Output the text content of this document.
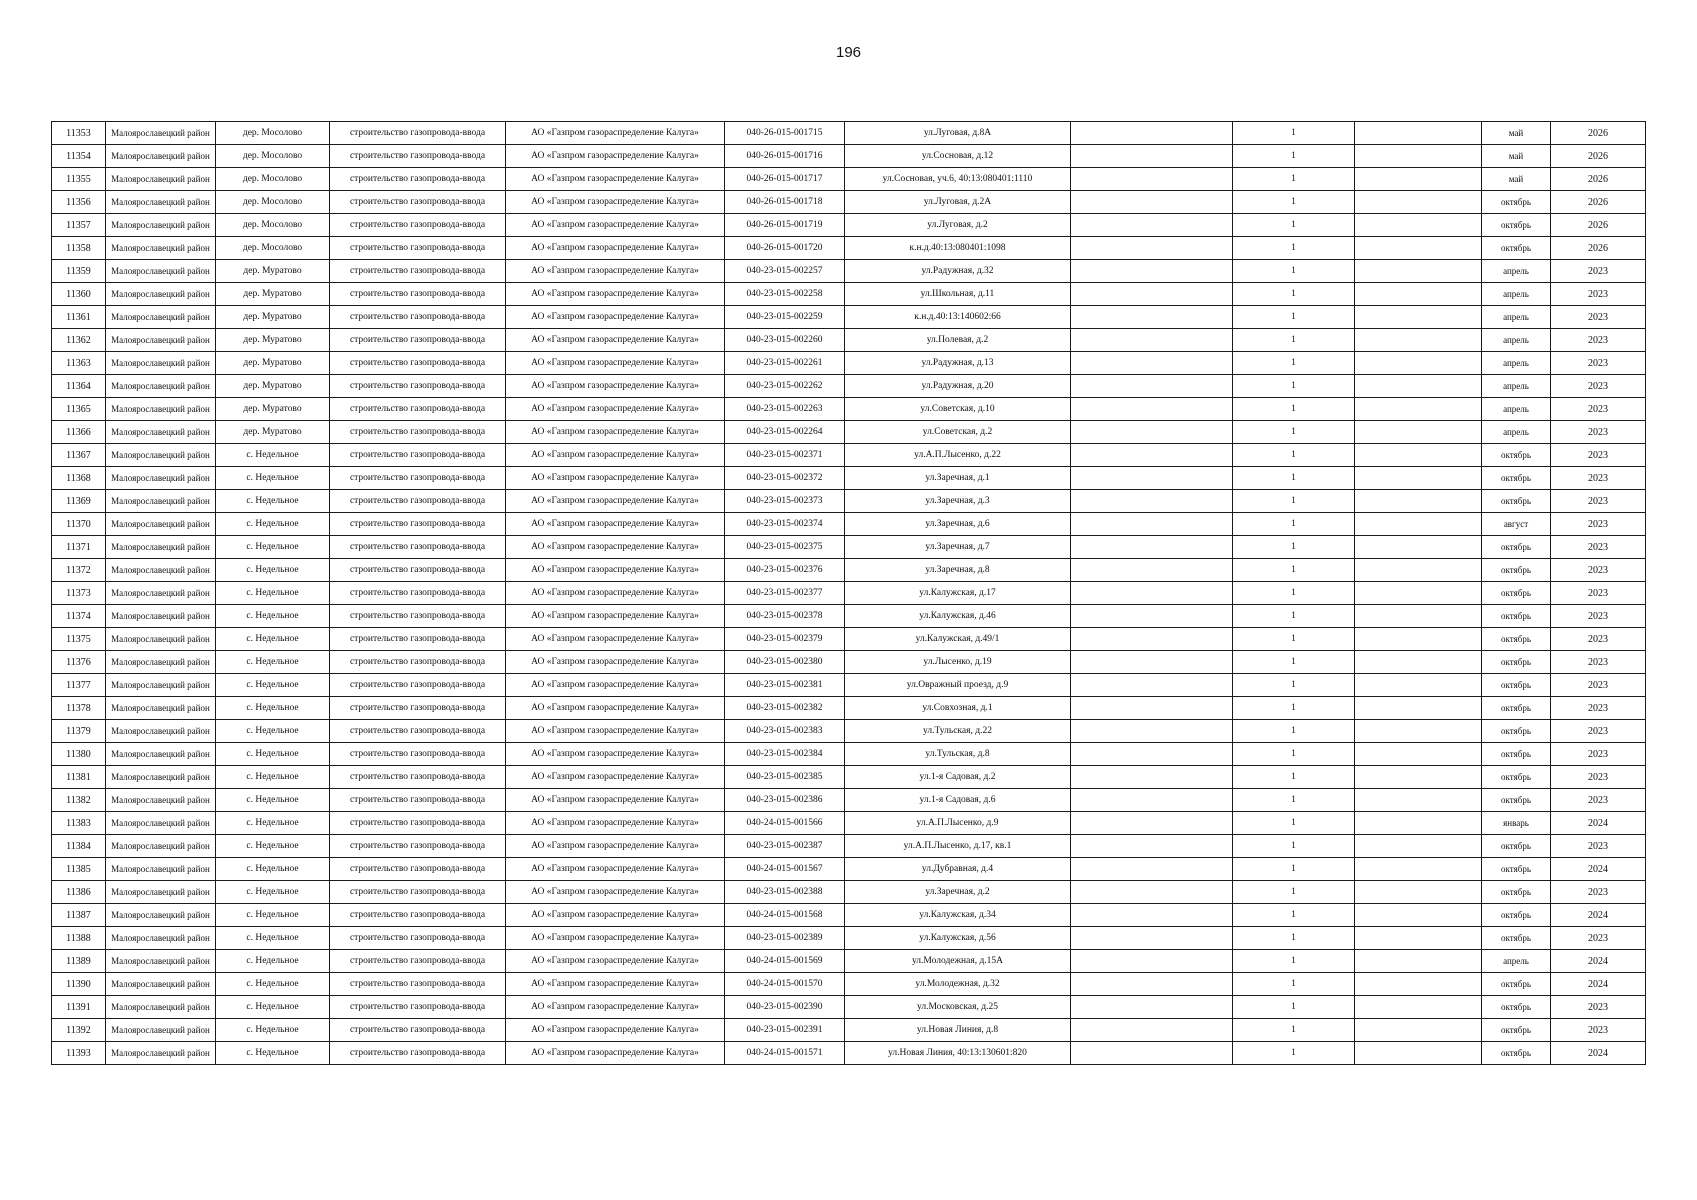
196
11353	Малоярославецкий район	дер. Мосолово	строительство газопровода-ввода	АО «Газпром газораспределение Калуга»	040-26-015-001715	ул.Луговая, д.8А		1		май	2026
11354	Малоярославецкий район	дер. Мосолово	строительство газопровода-ввода	АО «Газпром газораспределение Калуга»	040-26-015-001716	ул.Сосновая, д.12		1		май	2026
11355	Малоярославецкий район	дер. Мосолово	строительство газопровода-ввода	АО «Газпром газораспределение Калуга»	040-26-015-001717	ул.Сосновая, уч.6, 40:13:080401:1110		1		май	2026
11356	Малоярославецкий район	дер. Мосолово	строительство газопровода-ввода	АО «Газпром газораспределение Калуга»	040-26-015-001718	ул.Луговая, д.2А		1		октябрь	2026
11357	Малоярославецкий район	дер. Мосолово	строительство газопровода-ввода	АО «Газпром газораспределение Калуга»	040-26-015-001719	ул.Луговая, д.2		1		октябрь	2026
11358	Малоярославецкий район	дер. Мосолово	строительство газопровода-ввода	АО «Газпром газораспределение Калуга»	040-26-015-001720	к.н.д.40:13:080401:1098		1		октябрь	2026
11359	Малоярославецкий район	дер. Муратово	строительство газопровода-ввода	АО «Газпром газораспределение Калуга»	040-23-015-002257	ул.Радужная, д.32		1		апрель	2023
11360	Малоярославецкий район	дер. Муратово	строительство газопровода-ввода	АО «Газпром газораспределение Калуга»	040-23-015-002258	ул.Школьная, д.11		1		апрель	2023
11361	Малоярославецкий район	дер. Муратово	строительство газопровода-ввода	АО «Газпром газораспределение Калуга»	040-23-015-002259	к.н.д.40:13:140602:66		1		апрель	2023
11362	Малоярославецкий район	дер. Муратово	строительство газопровода-ввода	АО «Газпром газораспределение Калуга»	040-23-015-002260	ул.Полевая, д.2		1		апрель	2023
11363	Малоярославецкий район	дер. Муратово	строительство газопровода-ввода	АО «Газпром газораспределение Калуга»	040-23-015-002261	ул.Радужная, д.13		1		апрель	2023
11364	Малоярославецкий район	дер. Муратово	строительство газопровода-ввода	АО «Газпром газораспределение Калуга»	040-23-015-002262	ул.Радужная, д.20		1		апрель	2023
11365	Малоярославецкий район	дер. Муратово	строительство газопровода-ввода	АО «Газпром газораспределение Калуга»	040-23-015-002263	ул.Советская, д.10		1		апрель	2023
11366	Малоярославецкий район	дер. Муратово	строительство газопровода-ввода	АО «Газпром газораспределение Калуга»	040-23-015-002264	ул.Советская, д.2		1		апрель	2023
11367	Малоярославецкий район	с. Недельное	строительство газопровода-ввода	АО «Газпром газораспределение Калуга»	040-23-015-002371	ул.А.П.Лысенко, д.22		1		октябрь	2023
11368	Малоярославецкий район	с. Недельное	строительство газопровода-ввода	АО «Газпром газораспределение Калуга»	040-23-015-002372	ул.Заречная, д.1		1		октябрь	2023
11369	Малоярославецкий район	с. Недельное	строительство газопровода-ввода	АО «Газпром газораспределение Калуга»	040-23-015-002373	ул.Заречная, д.3		1		октябрь	2023
11370	Малоярославецкий район	с. Недельное	строительство газопровода-ввода	АО «Газпром газораспределение Калуга»	040-23-015-002374	ул.Заречная, д.6		1		август	2023
11371	Малоярославецкий район	с. Недельное	строительство газопровода-ввода	АО «Газпром газораспределение Калуга»	040-23-015-002375	ул.Заречная, д.7		1		октябрь	2023
11372	Малоярославецкий район	с. Недельное	строительство газопровода-ввода	АО «Газпром газораспределение Калуга»	040-23-015-002376	ул.Заречная, д.8		1		октябрь	2023
11373	Малоярославецкий район	с. Недельное	строительство газопровода-ввода	АО «Газпром газораспределение Калуга»	040-23-015-002377	ул.Калужская, д.17		1		октябрь	2023
11374	Малоярославецкий район	с. Недельное	строительство газопровода-ввода	АО «Газпром газораспределение Калуга»	040-23-015-002378	ул.Калужская, д.46		1		октябрь	2023
11375	Малоярославецкий район	с. Недельное	строительство газопровода-ввода	АО «Газпром газораспределение Калуга»	040-23-015-002379	ул.Калужская, д.49/1		1		октябрь	2023
11376	Малоярославецкий район	с. Недельное	строительство газопровода-ввода	АО «Газпром газораспределение Калуга»	040-23-015-002380	ул.Лысенко, д.19		1		октябрь	2023
11377	Малоярославецкий район	с. Недельное	строительство газопровода-ввода	АО «Газпром газораспределение Калуга»	040-23-015-002381	ул.Овражный проезд, д.9		1		октябрь	2023
11378	Малоярославецкий район	с. Недельное	строительство газопровода-ввода	АО «Газпром газораспределение Калуга»	040-23-015-002382	ул.Совхозная, д.1		1		октябрь	2023
11379	Малоярославецкий район	с. Недельное	строительство газопровода-ввода	АО «Газпром газораспределение Калуга»	040-23-015-002383	ул.Тульская, д.22		1		октябрь	2023
11380	Малоярославецкий район	с. Недельное	строительство газопровода-ввода	АО «Газпром газораспределение Калуга»	040-23-015-002384	ул.Тульская, д.8		1		октябрь	2023
11381	Малоярославецкий район	с. Недельное	строительство газопровода-ввода	АО «Газпром газораспределение Калуга»	040-23-015-002385	ул.1-я Садовая, д.2		1		октябрь	2023
11382	Малоярославецкий район	с. Недельное	строительство газопровода-ввода	АО «Газпром газораспределение Калуга»	040-23-015-002386	ул.1-я Садовая, д.6		1		октябрь	2023
11383	Малоярославецкий район	с. Недельное	строительство газопровода-ввода	АО «Газпром газораспределение Калуга»	040-24-015-001566	ул.А.П.Лысенко, д.9		1		январь	2024
11384	Малоярославецкий район	с. Недельное	строительство газопровода-ввода	АО «Газпром газораспределение Калуга»	040-23-015-002387	ул.А.П.Лысенко, д.17, кв.1		1		октябрь	2023
11385	Малоярославецкий район	с. Недельное	строительство газопровода-ввода	АО «Газпром газораспределение Калуга»	040-24-015-001567	ул.Дубравная, д.4		1		октябрь	2024
11386	Малоярославецкий район	с. Недельное	строительство газопровода-ввода	АО «Газпром газораспределение Калуга»	040-23-015-002388	ул.Заречная, д.2		1		октябрь	2023
11387	Малоярославецкий район	с. Недельное	строительство газопровода-ввода	АО «Газпром газораспределение Калуга»	040-24-015-001568	ул.Калужская, д.34		1		октябрь	2024
11388	Малоярославецкий район	с. Недельное	строительство газопровода-ввода	АО «Газпром газораспределение Калуга»	040-23-015-002389	ул.Калужская, д.56		1		октябрь	2023
11389	Малоярославецкий район	с. Недельное	строительство газопровода-ввода	АО «Газпром газораспределение Калуга»	040-24-015-001569	ул.Молодежная, д.15А		1		апрель	2024
11390	Малоярославецкий район	с. Недельное	строительство газопровода-ввода	АО «Газпром газораспределение Калуга»	040-24-015-001570	ул.Молодежная, д.32		1		октябрь	2024
11391	Малоярославецкий район	с. Недельное	строительство газопровода-ввода	АО «Газпром газораспределение Калуга»	040-23-015-002390	ул.Московская, д.25		1		октябрь	2023
11392	Малоярославецкий район	с. Недельное	строительство газопровода-ввода	АО «Газпром газораспределение Калуга»	040-23-015-002391	ул.Новая Линия, д.8		1		октябрь	2023
11393	Малоярославецкий район	с. Недельное	строительство газопровода-ввода	АО «Газпром газораспределение Калуга»	040-24-015-001571	ул.Новая Линия, 40:13:130601:820		1		октябрь	2024
